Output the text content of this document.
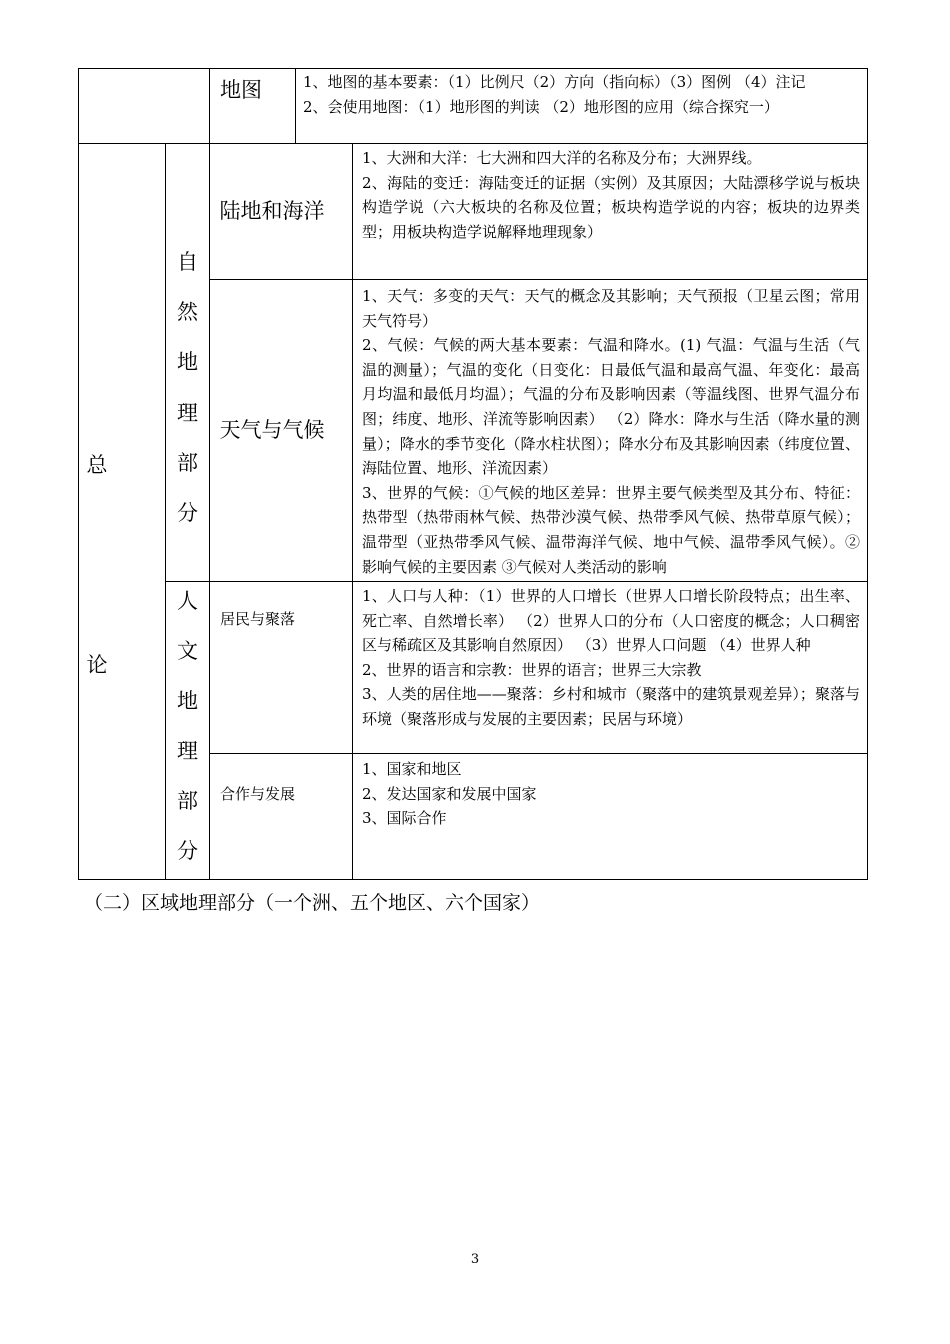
地图	1、地图的基本要素：（1）比例尺（2）方向（指向标）（3）图例 （4）注记

2、会使用地图：（1）地形图的判读 （2）地形图的应用（综合探究一）

总
论
自
然
地
理
部
分
陆地和海洋

1、大洲和大洋：七大洲和四大洋的名称及分布；大洲界线。

2、海陆的变迁：海陆变迁的证据（实例）及其原因；大陆漂移学说与板块构造学说（六大板块的名称及位置；板块构造学说的内容；板块的边界类型；用板块构造学说解释地理现象）

天气与气候

1、天气：多变的天气：天气的概念及其影响；天气预报（卫星云图；常用天气符号）

2、气候：气候的两大基本要素：气温和降水。(1) 气温：气温与生活（气温的测量）；气温的变化（日变化：日最低气温和最高气温、年变化：最高月均温和最低月均温）；气温的分布及影响因素（等温线图、世界气温分布图；纬度、地形、洋流等影响因素） （2）降水：降水与生活（降水量的测量）；降水的季节变化（降水柱状图）；降水分布及其影响因素（纬度位置、海陆位置、地形、洋流因素）

3、世界的气候：①气候的地区差异：世界主要气候类型及其分布、特征：热带型（热带雨林气候、热带沙漠气候、热带季风气候、热带草原气候）；温带型（亚热带季风气候、温带海洋气候、地中气候、温带季风气候）。②影响气候的主要因素 ③气候对人类活动的影响

人
文
地
理
部
分
居民与聚落

1、人口与人种：（1）世界的人口增长（世界人口增长阶段特点；出生率、死亡率、自然增长率） （2）世界人口的分布（人口密度的概念；人口稠密区与稀疏区及其影响自然原因） （3）世界人口问题 （4）世界人种

2、世界的语言和宗教：世界的语言；世界三大宗教

3、人类的居住地——聚落：乡村和城市（聚落中的建筑景观差异）；聚落与环境（聚落形成与发展的主要因素；民居与环境）

合作与发展

1、国家和地区

2、发达国家和发展中国家

3、国际合作

（二）区域地理部分（一个洲、五个地区、六个国家）
3
